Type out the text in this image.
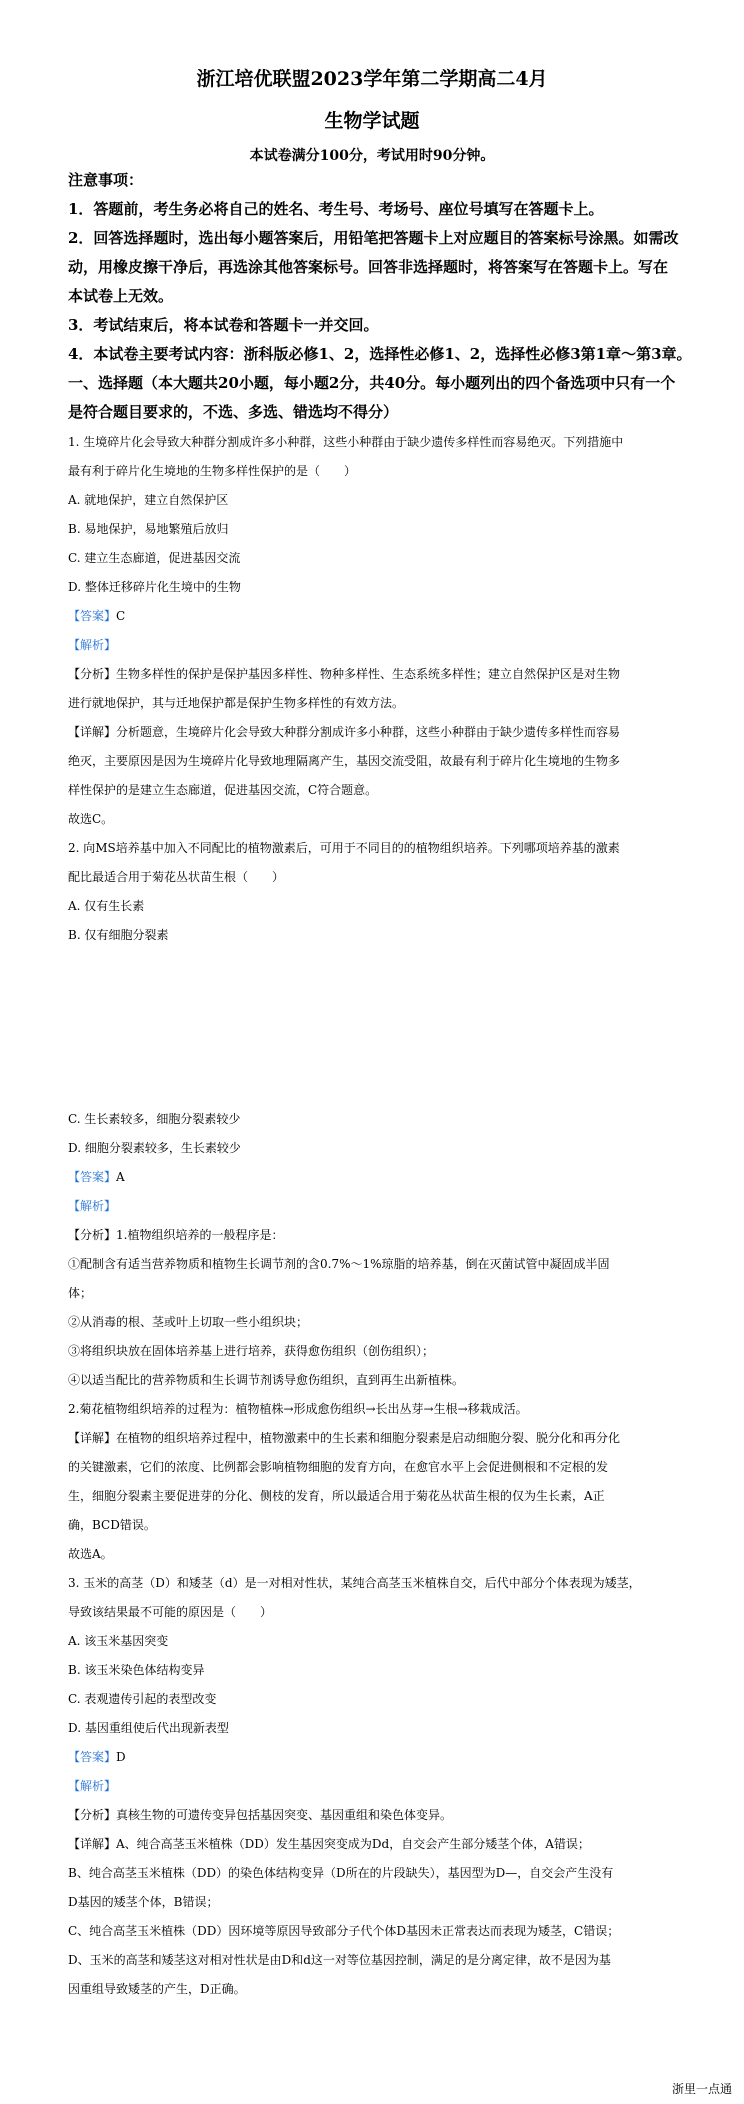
浙江培优联盟2023学年第二学期高二4月
生物学试题
本试卷满分100分，考试用时90分钟。
注意事项：
1．答题前，考生务必将自己的姓名、考生号、考场号、座位号填写在答题卡上。
2．回答选择题时，选出每小题答案后，用铅笔把答题卡上对应题目的答案标号涂黑。如需改
动，用橡皮擦干净后，再选涂其他答案标号。回答非选择题时，将答案写在答题卡上。写在
本试卷上无效。
3．考试结束后，将本试卷和答题卡一并交回。
4．本试卷主要考试内容：浙科版必修1、2，选择性必修1、2，选择性必修3第1章～第3章。
一、选择题（本大题共20小题，每小题2分，共40分。每小题列出的四个备选项中只有一个
是符合题目要求的，不选、多选、错选均不得分）
1. 生境碎片化会导致大种群分割成许多小种群，这些小种群由于缺少遗传多样性而容易绝灭。下列措施中
最有利于碎片化生境地的生物多样性保护的是（　　）
A. 就地保护，建立自然保护区
B. 易地保护，易地繁殖后放归
C. 建立生态廊道，促进基因交流
D. 整体迁移碎片化生境中的生物
【答案】C
【解析】
【分析】生物多样性的保护是保护基因多样性、物种多样性、生态系统多样性；建立自然保护区是对生物
进行就地保护，其与迁地保护都是保护生物多样性的有效方法。
【详解】分析题意，生境碎片化会导致大种群分割成许多小种群，这些小种群由于缺少遗传多样性而容易
绝灭，主要原因是因为生境碎片化导致地理隔离产生，基因交流受阻，故最有利于碎片化生境地的生物多
样性保护的是建立生态廊道，促进基因交流，C符合题意。
故选C。
2. 向MS培养基中加入不同配比的植物激素后，可用于不同目的的植物组织培养。下列哪项培养基的激素
配比最适合用于菊花丛状苗生根（　　）
A. 仅有生长素
B. 仅有细胞分裂素
C. 生长素较多，细胞分裂素较少
D. 细胞分裂素较多，生长素较少
【答案】A
【解析】
【分析】1.植物组织培养的一般程序是：
①配制含有适当营养物质和植物生长调节剂的含0.7%～1%琼脂的培养基，倒在灭菌试管中凝固成半固
体；
②从消毒的根、茎或叶上切取一些小组织块；
③将组织块放在固体培养基上进行培养，获得愈伤组织（创伤组织）；
④以适当配比的营养物质和生长调节剂诱导愈伤组织，直到再生出新植株。
2.菊花植物组织培养的过程为：植物植株→形成愈伤组织→长出丛芽→生根→移栽成活。
【详解】在植物的组织培养过程中，植物激素中的生长素和细胞分裂素是启动细胞分裂、脱分化和再分化
的关键激素，它们的浓度、比例都会影响植物细胞的发育方向，在愈官水平上会促进侧根和不定根的发
生，细胞分裂素主要促进芽的分化、侧枝的发育，所以最适合用于菊花丛状苗生根的仅为生长素，A正
确，BCD错误。
故选A。
3. 玉米的高茎（D）和矮茎（d）是一对相对性状，某纯合高茎玉米植株自交，后代中部分个体表现为矮茎，
导致该结果最不可能的原因是（　　）
A. 该玉米基因突变
B. 该玉米染色体结构变异
C. 表观遗传引起的表型改变
D. 基因重组使后代出现新表型
【答案】D
【解析】
【分析】真核生物的可遗传变异包括基因突变、基因重组和染色体变异。
【详解】A、纯合高茎玉米植株（DD）发生基因突变成为Dd，自交会产生部分矮茎个体，A错误；
B、纯合高茎玉米植株（DD）的染色体结构变异（D所在的片段缺失），基因型为D—，自交会产生没有
D基因的矮茎个体，B错误；
C、纯合高茎玉米植株（DD）因环境等原因导致部分子代个体D基因未正常表达而表现为矮茎，C错误；
D、玉米的高茎和矮茎这对相对性状是由D和d这一对等位基因控制，满足的是分离定律，故不是因为基
因重组导致矮茎的产生，D正确。
浙里一点通
